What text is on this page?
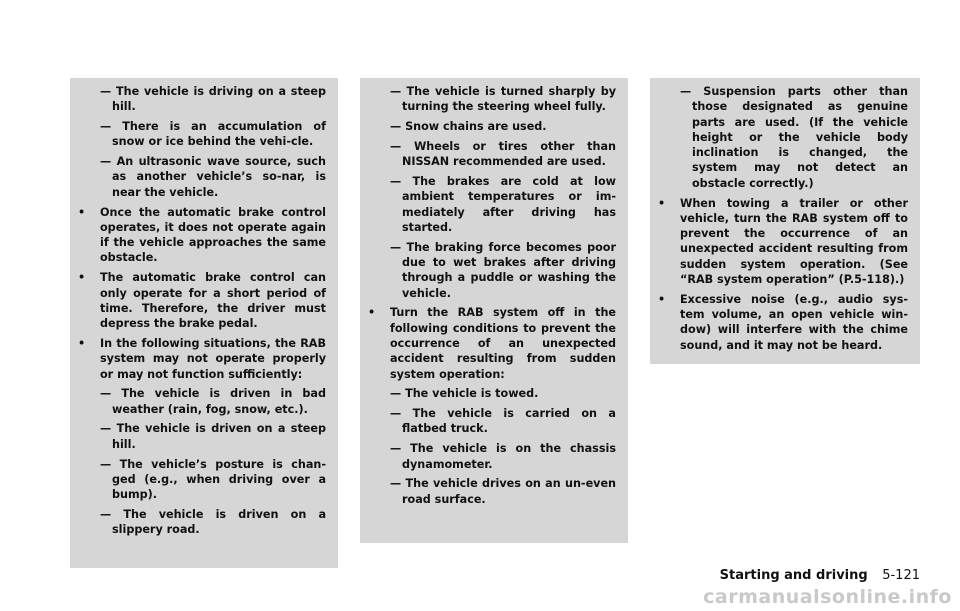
— The vehicle is driving on a steep hill.
— There is an accumulation of snow or ice behind the vehi-cle.
— An ultrasonic wave source, such as another vehicle’s so-nar, is near the vehicle.
• Once the automatic brake control operates, it does not operate again if the vehicle approaches the same obstacle.
• The automatic brake control can only operate for a short period of time. Therefore, the driver must depress the brake pedal.
• In the following situations, the RAB system may not operate properly or may not function sufficiently:
— The vehicle is driven in bad weather (rain, fog, snow, etc.).
— The vehicle is driven on a steep hill.
— The vehicle’s posture is chan-ged (e.g., when driving over a bump).
— The vehicle is driven on a slippery road.
— The vehicle is turned sharply by turning the steering wheel fully.
— Snow chains are used.
— Wheels or tires other than NISSAN recommended are used.
— The brakes are cold at low ambient temperatures or im-mediately after driving has started.
— The braking force becomes poor due to wet brakes after driving through a puddle or washing the vehicle.
• Turn the RAB system off in the following conditions to prevent the occurrence of an unexpected accident resulting from sudden system operation:
— The vehicle is towed.
— The vehicle is carried on a flatbed truck.
— The vehicle is on the chassis dynamometer.
— The vehicle drives on an un-even road surface.
— Suspension parts other than those designated as genuine parts are used. (If the vehicle height or the vehicle body inclination is changed, the system may not detect an obstacle correctly.)
• When towing a trailer or other vehicle, turn the RAB system off to prevent the occurrence of an unexpected accident resulting from sudden system operation. (See “RAB system operation” (P.5-118).)
• Excessive noise (e.g., audio sys-tem volume, an open vehicle win-dow) will interfere with the chime sound, and it may not be heard.
Starting and driving 5-121
carmanualsonline.info
